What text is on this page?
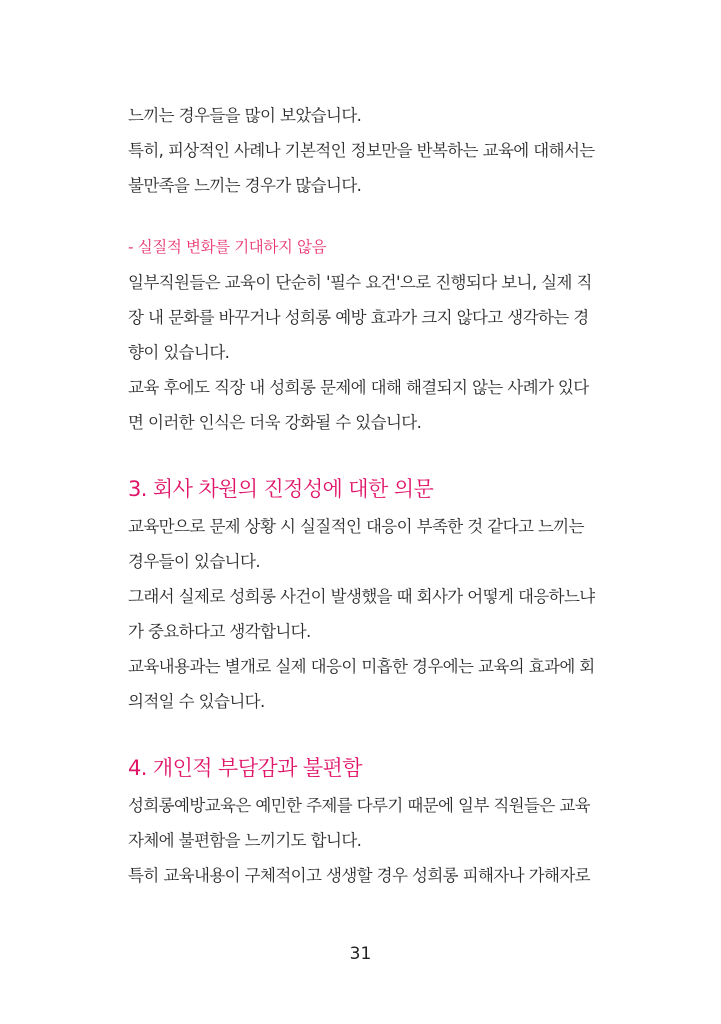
느끼는 경우들을 많이 보았습니다.
특히, 피상적인 사례나 기본적인 정보만을 반복하는 교육에 대해서는
불만족을 느끼는 경우가 많습니다.
- 실질적 변화를 기대하지 않음
일부직원들은 교육이 단순히 '필수 요건'으로 진행되다 보니, 실제 직
장 내 문화를 바꾸거나 성희롱 예방 효과가 크지 않다고 생각하는 경
향이 있습니다.
교육 후에도 직장 내 성희롱 문제에 대해 해결되지 않는 사례가 있다
면 이러한 인식은 더욱 강화될 수 있습니다.
3. 회사 차원의 진정성에 대한 의문
교육만으로 문제 상황 시 실질적인 대응이 부족한 것 같다고 느끼는
경우들이 있습니다.
그래서 실제로 성희롱 사건이 발생했을 때 회사가 어떻게 대응하느냐
가 중요하다고 생각합니다.
교육내용과는 별개로 실제 대응이 미흡한 경우에는 교육의 효과에 회
의적일 수 있습니다.
4. 개인적 부담감과 불편함
성희롱예방교육은 예민한 주제를 다루기 때문에 일부 직원들은 교육
자체에 불편함을 느끼기도 합니다.
특히 교육내용이 구체적이고 생생할 경우 성희롱 피해자나 가해자로
31
